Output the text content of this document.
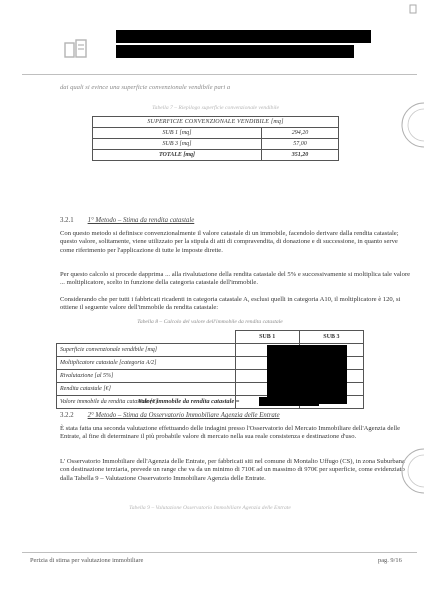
dai quali si evince una superficie convenzionale vendibile pari a
Tabella 7 – Riepilogo superficie convenzionale vendibile
SUPERFICIE CONVENZIONALE VENDIBILE [mq]	
SUB 1 [mq]	294,20
SUB 3 [mq]	57,00
TOTALE [mq]	351,20
3.2.1 1° Metodo – Stima da rendita catastale
Con questo metodo si definisce convenzionalmente il valore catastale di un immobile, facendolo derivare dalla rendita catastale; questo valore, solitamente, viene utilizzato per la stipula di atti di compravendita, di donazione e di successione, in quanto serve come riferimento per l'applicazione di tutte le imposte dirette.
Per questo calcolo si procede dapprima ... alla rivalutazione della rendita catastale del 5% e successivamente si moltiplica tale valore ... moltiplicatore, scelto in funzione della categoria catastale dell'immobile.
Considerando che per tutti i fabbricati ricadenti in categoria catastale A, esclusi quelli in categoria A10, il moltiplicatore è 120, si ottiene il seguente valore dell'immobile da rendita catastale:
Tabella 8 – Calcolo del valore dell'immobile da rendita catastale
	SUB 1	SUB 3
Superficie convenzionale vendibile [mq]		
Moltiplicatore catastale [categoria A/2]		
Rivalutazione [al 5%]		
Rendita catastale [€]		
Valore immobile da rendita catastale [€]		
Valore immobile da rendita catastale =
3.2.2 2° Metodo – Stima da Osservatorio Immobiliare Agenzia delle Entrate
È stata fatta una seconda valutazione effettuando delle indagini presso l'Osservatorio del Mercato Immobiliare dell'Agenzia delle Entrate, al fine di determinare il più probabile valore di mercato nella sua reale consistenza e destinazione d'uso.
L' Osservatorio Immobiliare dell'Agenzia delle Entrate, per fabbricati siti nel comune di Montalto Uffugo (CS), in zona Suburbana con destinazione terziaria, prevede un range che va da un minimo di 710€ ad un massimo di 970€ per superficie, come evidenziato dalla Tabella 9 – Valutazione Osservatorio Immobiliare Agenzia delle Entrate.
Tabella 9 – Valutazione Osservatorio Immobiliare Agenzia delle Entrate
Perizia di stima per valutazione immobiliare	pag. 9/16
